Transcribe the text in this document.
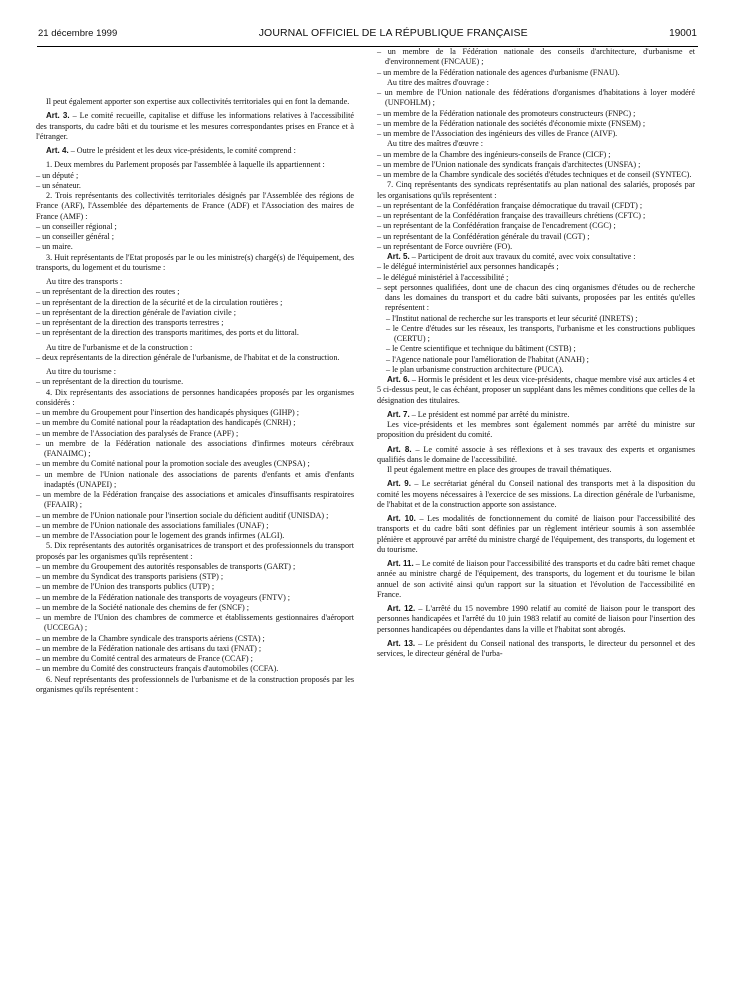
21 décembre 1999	JOURNAL OFFICIEL DE LA RÉPUBLIQUE FRANÇAISE	19001
Il peut également apporter son expertise aux collectivités territoriales qui en font la demande.
Art. 3. – Le comité recueille, capitalise et diffuse les informations relatives à l'accessibilité des transports, du cadre bâti et du tourisme et les mesures correspondantes prises en France et à l'étranger.
Art. 4. – Outre le président et les deux vice-présidents, le comité comprend :
1. Deux membres du Parlement proposés par l'assemblée à laquelle ils appartiennent :
– un député ;
– un sénateur.
2. Trois représentants des collectivités territoriales désignés par l'Assemblée des régions de France (ARF), l'Assemblée des départements de France (ADF) et l'Association des maires de France (AMF) :
– un conseiller régional ;
– un conseiller général ;
– un maire.
3. Huit représentants de l'Etat proposés par le ou les ministre(s) chargé(s) de l'équipement, des transports, du logement et du tourisme :
Au titre des transports :
– un représentant de la direction des routes ;
– un représentant de la direction de la sécurité et de la circulation routières ;
– un représentant de la direction générale de l'aviation civile ;
– un représentant de la direction des transports terrestres ;
– un représentant de la direction des transports maritimes, des ports et du littoral.
Au titre de l'urbanisme et de la construction :
– deux représentants de la direction générale de l'urbanisme, de l'habitat et de la construction.
Au titre du tourisme :
– un représentant de la direction du tourisme.
4. Dix représentants des associations de personnes handicapées proposés par les organismes considérés :
– un membre du Groupement pour l'insertion des handicapés physiques (GIHP) ;
– un membre du Comité national pour la réadaptation des handicapés (CNRH) ;
– un membre de l'Association des paralysés de France (APF) ;
– un membre de la Fédération nationale des associations d'infirmes moteurs cérébraux (FANAIMC) ;
– un membre du Comité national pour la promotion sociale des aveugles (CNPSA) ;
– un membre de l'Union nationale des associations de parents d'enfants et amis d'enfants inadaptés (UNAPEI) ;
– un membre de la Fédération française des associations et amicales d'insuffisants respiratoires (FFAAIR) ;
– un membre de l'Union nationale pour l'insertion sociale du déficient auditif (UNISDA) ;
– un membre de l'Union nationale des associations familiales (UNAF) ;
– un membre de l'Association pour le logement des grands infirmes (ALGI).
5. Dix représentants des autorités organisatrices de transport et des professionnels du transport proposés par les organismes qu'ils représentent :
– un membre du Groupement des autorités responsables de transports (GART) ;
– un membre du Syndicat des transports parisiens (STP) ;
– un membre de l'Union des transports publics (UTP) ;
– un membre de la Fédération nationale des transports de voyageurs (FNTV) ;
– un membre de la Société nationale des chemins de fer (SNCF) ;
– un membre de l'Union des chambres de commerce et établissements gestionnaires d'aéroport (UCCEGA) ;
– un membre de la Chambre syndicale des transports aériens (CSTA) ;
– un membre de la Fédération nationale des artisans du taxi (FNAT) ;
– un membre du Comité central des armateurs de France (CCAF) ;
– un membre du Comité des constructeurs français d'automobiles (CCFA).
6. Neuf représentants des professionnels de l'urbanisme et de la construction proposés par les organismes qu'ils représentent :
– un membre de la Fédération nationale des conseils d'architecture, d'urbanisme et d'environnement (FNCAUE) ;
– un membre de la Fédération nationale des agences d'urbanisme (FNAU).
Au titre des maîtres d'ouvrage :
– un membre de l'Union nationale des fédérations d'organismes d'habitations à loyer modéré (UNFOHLM) ;
– un membre de la Fédération nationale des promoteurs constructeurs (FNPC) ;
– un membre de la Fédération nationale des sociétés d'économie mixte (FNSEM) ;
– un membre de l'Association des ingénieurs des villes de France (AIVF).
Au titre des maîtres d'œuvre :
– un membre de la Chambre des ingénieurs-conseils de France (CICF) ;
– un membre de l'Union nationale des syndicats français d'architectes (UNSFA) ;
– un membre de la Chambre syndicale des sociétés d'études techniques et de conseil (SYNTEC).
7. Cinq représentants des syndicats représentatifs au plan national des salariés, proposés par les organisations qu'ils représentent :
– un représentant de la Confédération française démocratique du travail (CFDT) ;
– un représentant de la Confédération française des travailleurs chrétiens (CFTC) ;
– un représentant de la Confédération française de l'encadrement (CGC) ;
– un représentant de la Confédération générale du travail (CGT) ;
– un représentant de Force ouvrière (FO).
Art. 5. – Participent de droit aux travaux du comité, avec voix consultative :
– le délégué interministériel aux personnes handicapés ;
– le délégué ministériel à l'accessibilité ;
– sept personnes qualifiées, dont une de chacun des cinq organismes d'études ou de recherche dans les domaines du transport et du cadre bâti suivants, proposées par les entités qu'elles représentent :
– l'Institut national de recherche sur les transports et leur sécurité (INRETS) ;
– le Centre d'études sur les réseaux, les transports, l'urbanisme et les constructions publiques (CERTU) ;
– le Centre scientifique et technique du bâtiment (CSTB) ;
– l'Agence nationale pour l'amélioration de l'habitat (ANAH) ;
– le plan urbanisme construction architecture (PUCA).
Art. 6. – Hormis le président et les deux vice-présidents, chaque membre visé aux articles 4 et 5 ci-dessus peut, le cas échéant, proposer un suppléant dans les mêmes conditions que celles de la désignation des titulaires.
Art. 7. – Le président est nommé par arrêté du ministre.
Les vice-présidents et les membres sont également nommés par arrêté du ministre sur proposition du président du comité.
Art. 8. – Le comité associe à ses réflexions et à ses travaux des experts et organismes qualifiés dans le domaine de l'accessibilité.
Il peut également mettre en place des groupes de travail thématiques.
Art. 9. – Le secrétariat général du Conseil national des transports met à la disposition du comité les moyens nécessaires à l'exercice de ses missions. La direction générale de l'urbanisme, de l'habitat et de la construction apporte son assistance.
Art. 10. – Les modalités de fonctionnement du comité de liaison pour l'accessibilité des transports et du cadre bâti sont définies par un règlement intérieur soumis à son assemblée plénière et approuvé par arrêté du ministre chargé de l'équipement, des transports, du logement et du tourisme.
Art. 11. – Le comité de liaison pour l'accessibilité des transports et du cadre bâti remet chaque année au ministre chargé de l'équipement, des transports, du logement et du tourisme le bilan annuel de son activité ainsi qu'un rapport sur la situation et l'évolution de l'accessibilité en France.
Art. 12. – L'arrêté du 15 novembre 1990 relatif au comité de liaison pour le transport des personnes handicapées et l'arrêté du 10 juin 1983 relatif au comité de liaison pour l'insertion des personnes handicapées ou dépendantes dans la ville et l'habitat sont abrogés.
Art. 13. – Le président du Conseil national des transports, le directeur du personnel et des services, le directeur général de l'urba-
